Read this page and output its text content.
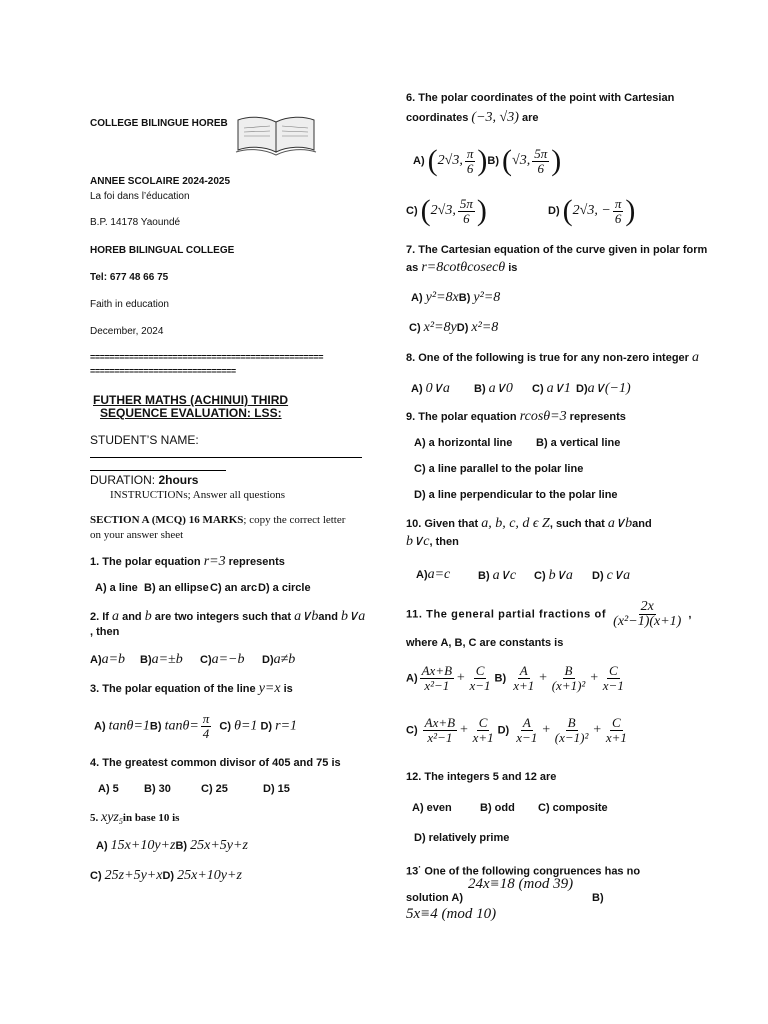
COLLEGE BILINGUE HOREB
ANNEE SCOLAIRE 2024-2025
La foi dans l’éducation
B.P. 14178 Yaoundé
HOREB BILINGUAL COLLEGE
Tel: 677 48 66 75
Faith in education
December, 2024
================================================
==============================
FUTHER MATHS (ACHINUI) THIRD
SEQUENCE EVALUATION: LSS:
STUDENT’S NAME:
DURATION: 2hours
INSTRUCTIONs; Answer all questions
SECTION A (MCQ) 16 MARKS; copy the correct letter
on your answer sheet
1. The polar equation r=3 represents
A) a line B) an ellipse C) an arc D) a circle
2. If a and b are two integers such that a∨band b∨a
, then
A)a=b B)a=±b C)a=−b D)a≠b
3. The polar equation of the line y=x is
A) tanθ=1B) $\tan\theta= \frac{\pi}{4} C$) θ=1 D) r=1
4. The greatest common divisor of 405 and 75 is
A) 5 B) 30	C) 25	D) 15
5. xyz$_5$in base 10 is
A) 15x+10y+zB) 25x+5y+z
C) 25z+5y+xD) 25x+10y+z
6. The polar coordinates of the point with Cartesian
coordinates (−3, √3) are
A) (2√3, $\frac{\pi}{6} )B$) (√3, $\frac{5\pi}{6}$ )
C) (2√3, $\frac{5\pi}{6}$ )	D) (2√3, − $\frac{\pi}{6}$ )
7. The Cartesian equation of the curve given in polar form
as r=8cotθcosecθ is
A) y²=8xB) y²=8
C) x²=8yD) x²=8
8. One of the following is true for any non-zero integer a
A) 0∨a B) a∨0 C) a∨1 D)a∨(−1)
9. The polar equation rcosθ=3 represents
A) a horizontal line B) a vertical line
C) a line parallel to the polar line
D) a line perpendicular to the polar line
10. Given that a, b, c, d ϵ Z, such that a∨band
b∨c, then
A)a=c	B) a∨c C) b∨a D) c∨a
11. The general partial fractions of $\frac{2x}{\text{(x²−1)(x+1)}}$ ,
where A, B, C are constants is
$A) \frac{Ax+B}{\text{x²−1}} + \frac{C}{x-1} B) \frac{A}{x+1} + \frac{B}{\text{(x+1)²}} + \frac{C}{x-1}$
$C) \frac{Ax+B}{\text{x²−1}} + \frac{C}{x+1} D) \frac{A}{x-1} + \frac{B}{\text{(x−1)²}} + \frac{C}{x+1}$
12. The integers 5 and 12 are
A) even	B) odd C) composite
D) relatively prime
13· One of the following congruences has no
solution A)
24x≡18 (mod 39)
B)
5x≡4 (mod 10)
